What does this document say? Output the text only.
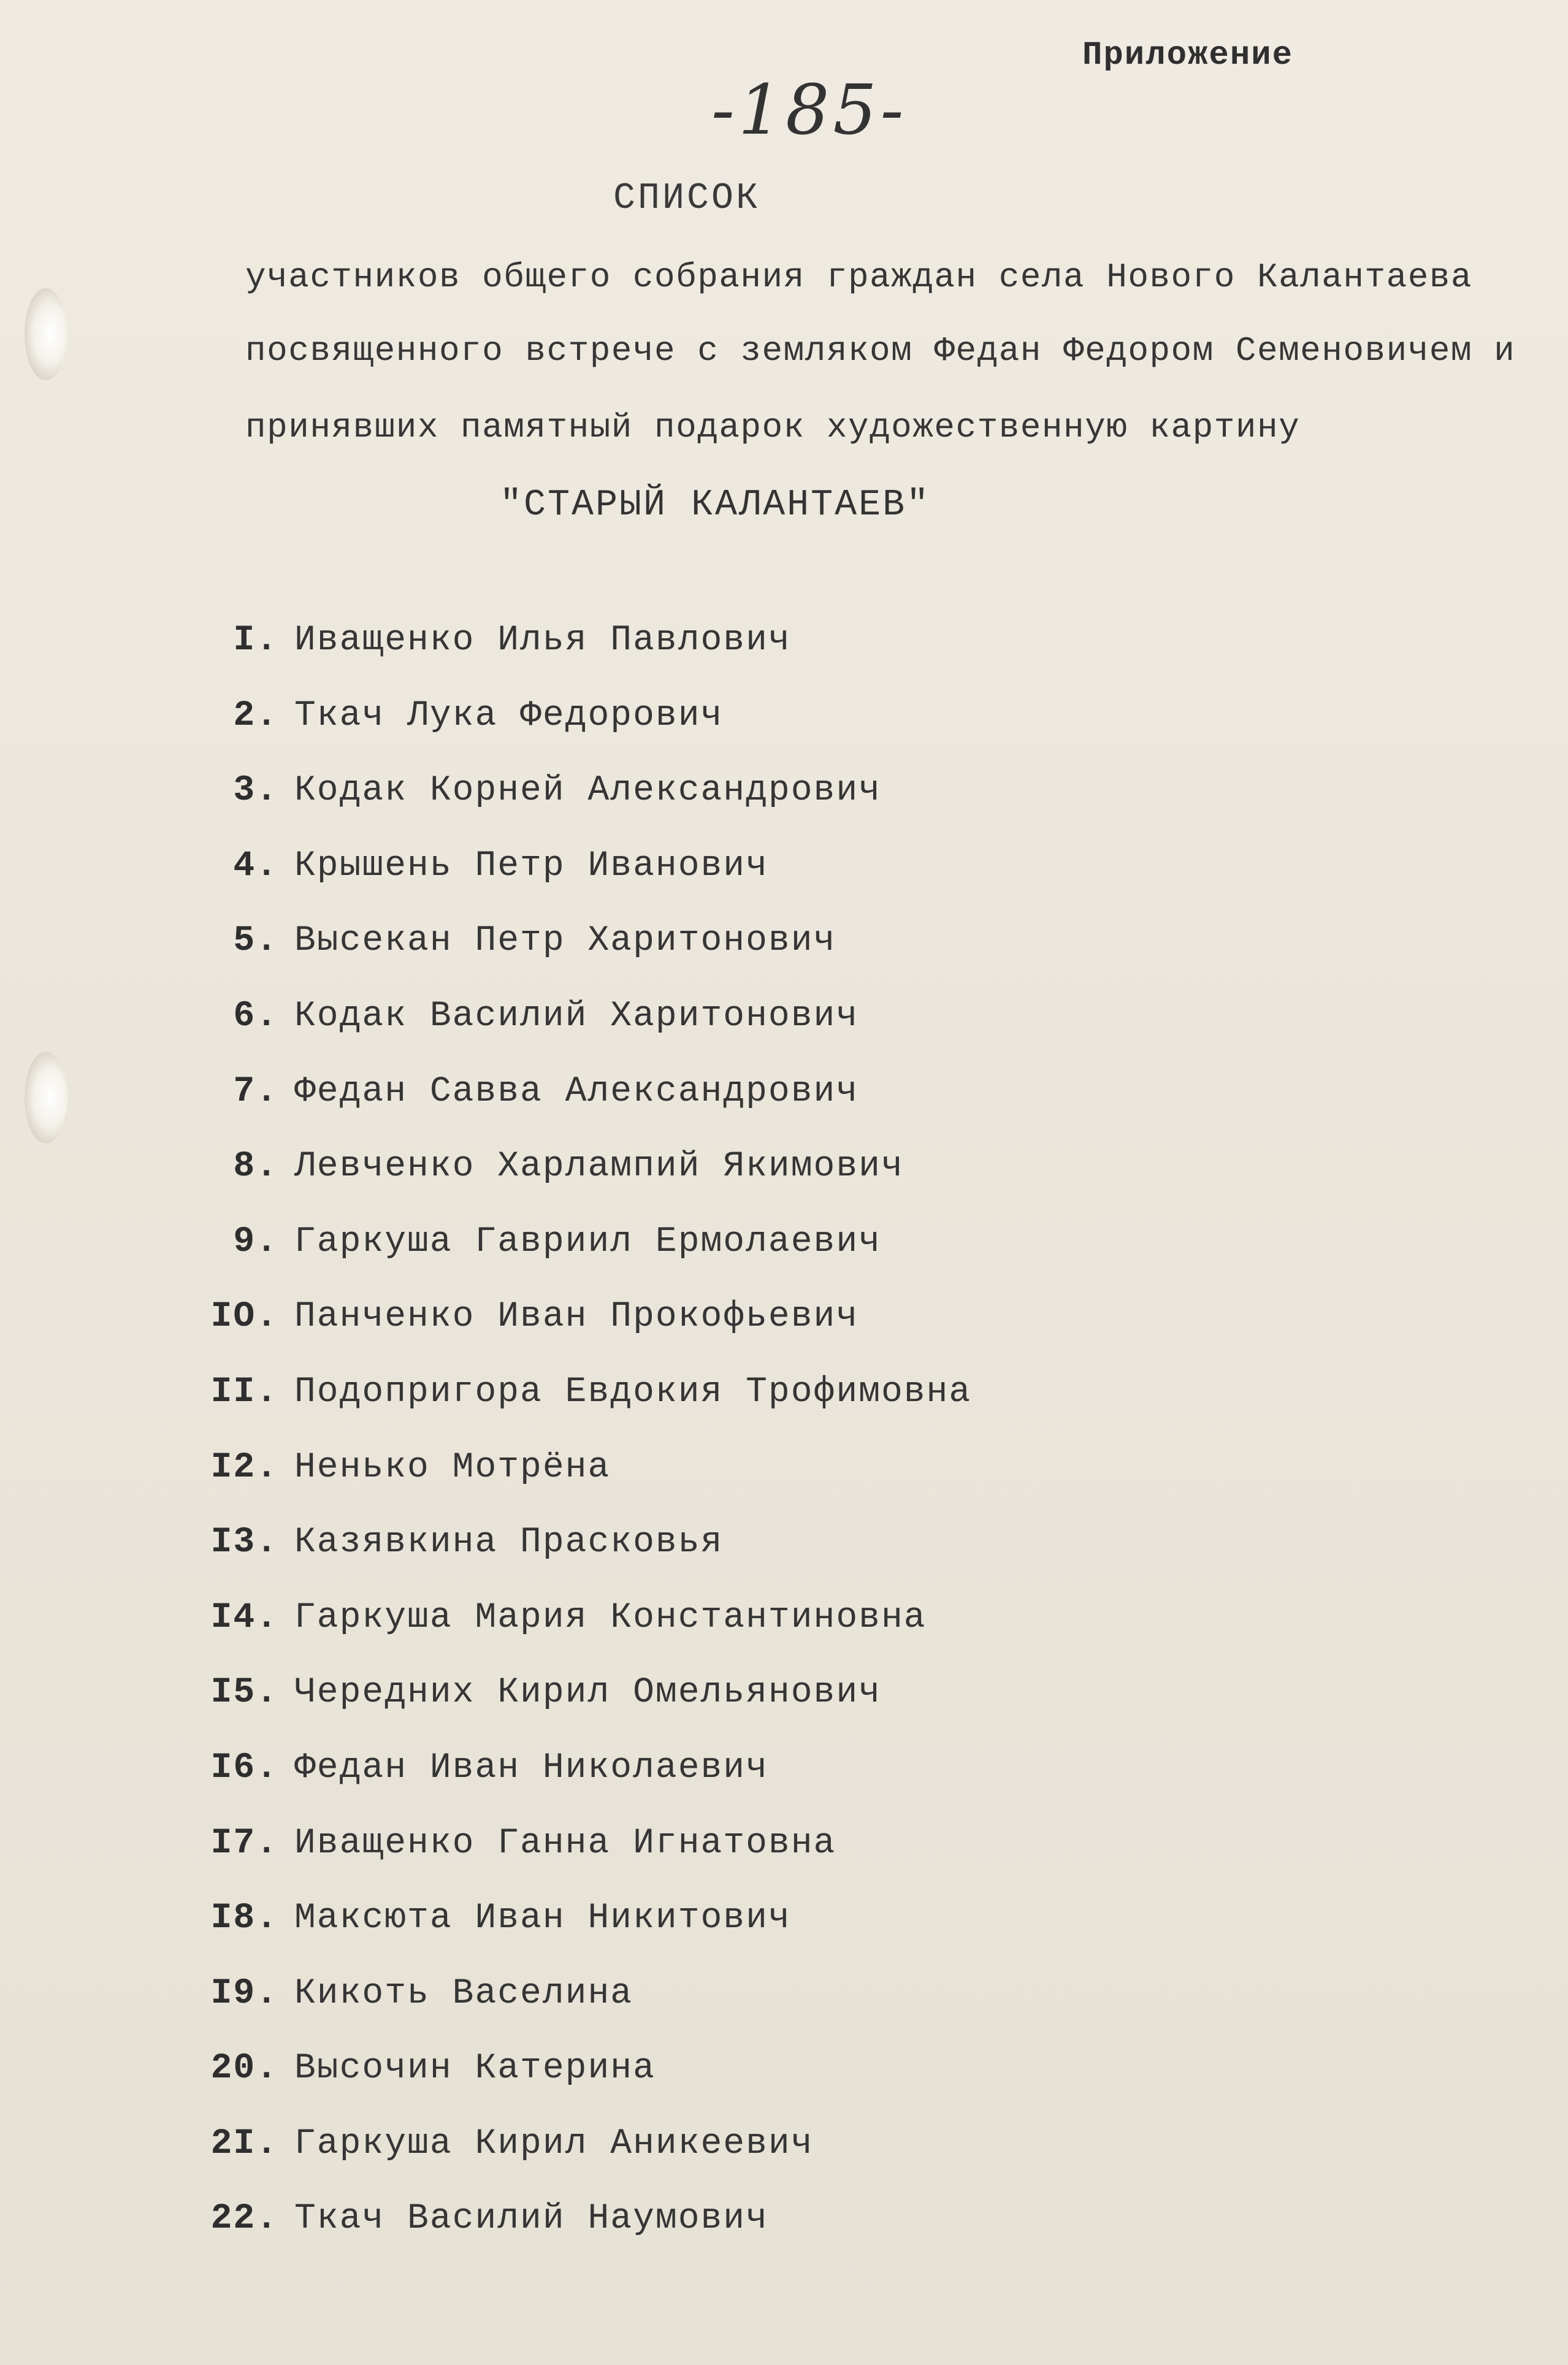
Приложение
-185-
СПИСОК
участников общего собрания граждан села Нового Калантаева
посвященного встрече с земляком Федан Федором Семеновичем и
принявших памятный подарок художественную картину
"СТАРЫЙ КАЛАНТАЕВ"
I. Иващенко Илья Павлович
2. Ткач Лука Федорович
3. Кодак Корней Александрович
4. Крышень Петр Иванович
5. Высекан Петр Харитонович
6. Кодак Василий Харитонович
7. Федан Савва Александрович
8. Левченко Харлампий Якимович
9. Гаркуша Гавриил Ермолаевич
IO. Панченко Иван Прокофьевич
II. Подопригора Евдокия Трофимовна
I2. Ненько Мотрёна
I3. Казявкина Прасковья
I4. Гаркуша Мария Константиновна
I5. Чередних Кирил Омельянович
I6. Федан Иван Николаевич
I7. Иващенко Ганна Игнатовна
I8. Максюта Иван Никитович
I9. Кикоть Васелина
20. Высочин Катерина
2I. Гаркуша Кирил Аникеевич
22. Ткач Василий Наумович
